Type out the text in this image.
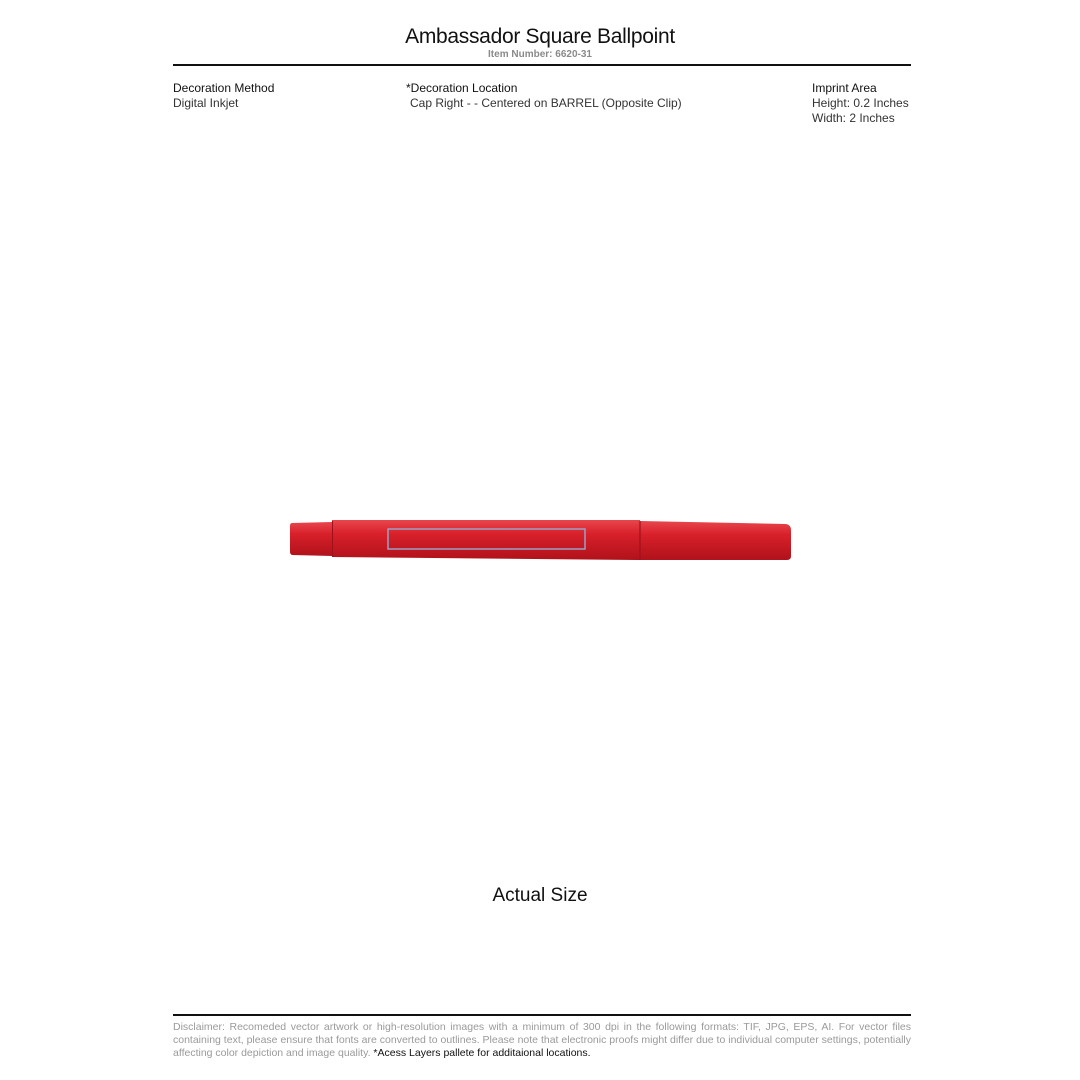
Ambassador Square Ballpoint
Item Number: 6620-31
Decoration Method
Digital Inkjet
*Decoration Location
Cap Right - - Centered on BARREL (Opposite Clip)
Imprint Area
Height: 0.2 Inches
Width: 2 Inches
Actual Size
Disclaimer: Recomeded vector artwork or high-resolution images with a minimum of 300 dpi in the following formats: TIF, JPG, EPS, AI. For vector files containing text, please ensure that fonts are converted to outlines. Please note that electronic proofs might differ due to individual computer settings, potentially affecting color depiction and image quality. *Acess Layers pallete for additaional locations.
